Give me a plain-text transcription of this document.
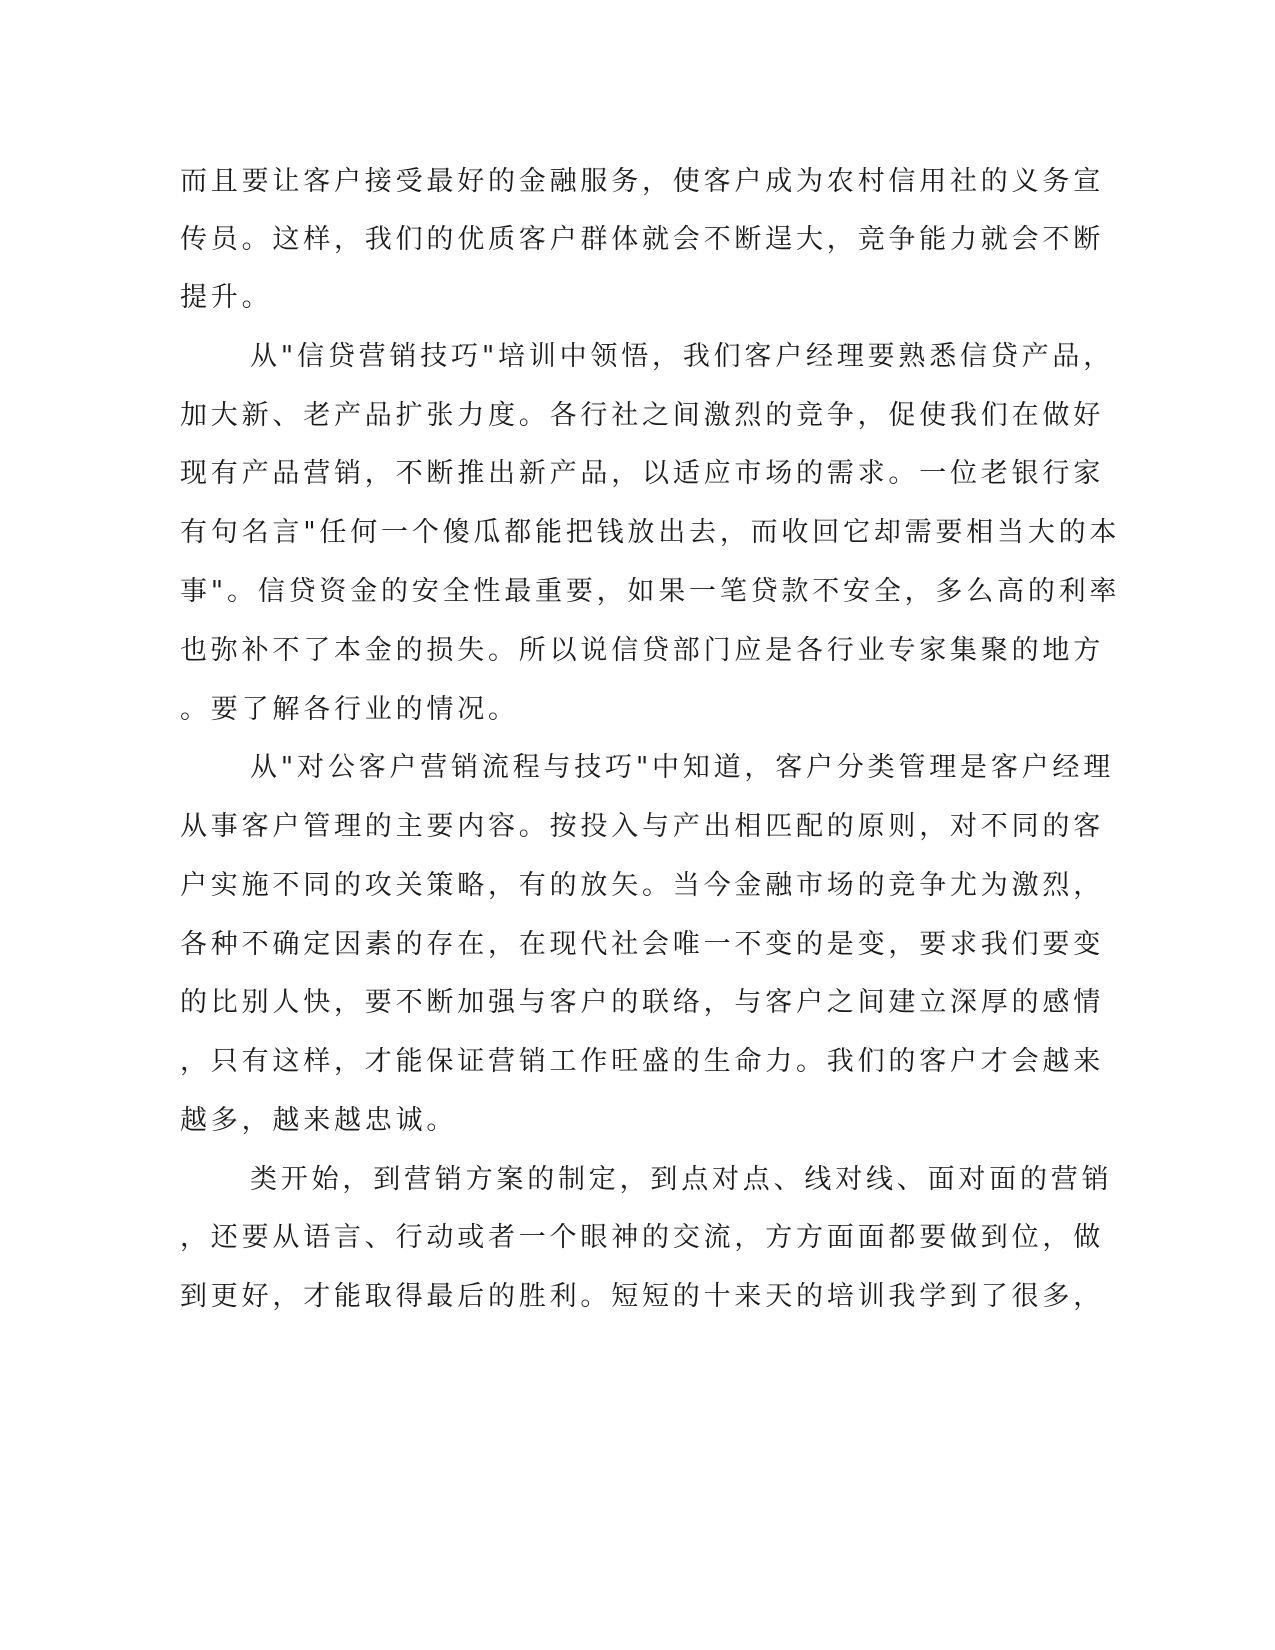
而且要让客户接受最好的金融服务，使客户成为农村信用社的义务宣
传员。这样，我们的优质客户群体就会不断逞大，竞争能力就会不断
提升。
从"信贷营销技巧"培训中领悟，我们客户经理要熟悉信贷产品，
加大新、老产品扩张力度。各行社之间激烈的竞争，促使我们在做好
现有产品营销，不断推出新产品，以适应市场的需求。一位老银行家
有句名言"任何一个傻瓜都能把钱放出去，而收回它却需要相当大的本
事"。信贷资金的安全性最重要，如果一笔贷款不安全，多么高的利率
也弥补不了本金的损失。所以说信贷部门应是各行业专家集聚的地方
。要了解各行业的情况。
从"对公客户营销流程与技巧"中知道，客户分类管理是客户经理
从事客户管理的主要内容。按投入与产出相匹配的原则，对不同的客
户实施不同的攻关策略，有的放矢。当今金融市场的竞争尤为激烈，
各种不确定因素的存在，在现代社会唯一不变的是变，要求我们要变
的比别人快，要不断加强与客户的联络，与客户之间建立深厚的感情
，只有这样，才能保证营销工作旺盛的生命力。我们的客户才会越来
越多，越来越忠诚。
类开始，到营销方案的制定，到点对点、线对线、面对面的营销
，还要从语言、行动或者一个眼神的交流，方方面面都要做到位，做
到更好，才能取得最后的胜利。短短的十来天的培训我学到了很多，
